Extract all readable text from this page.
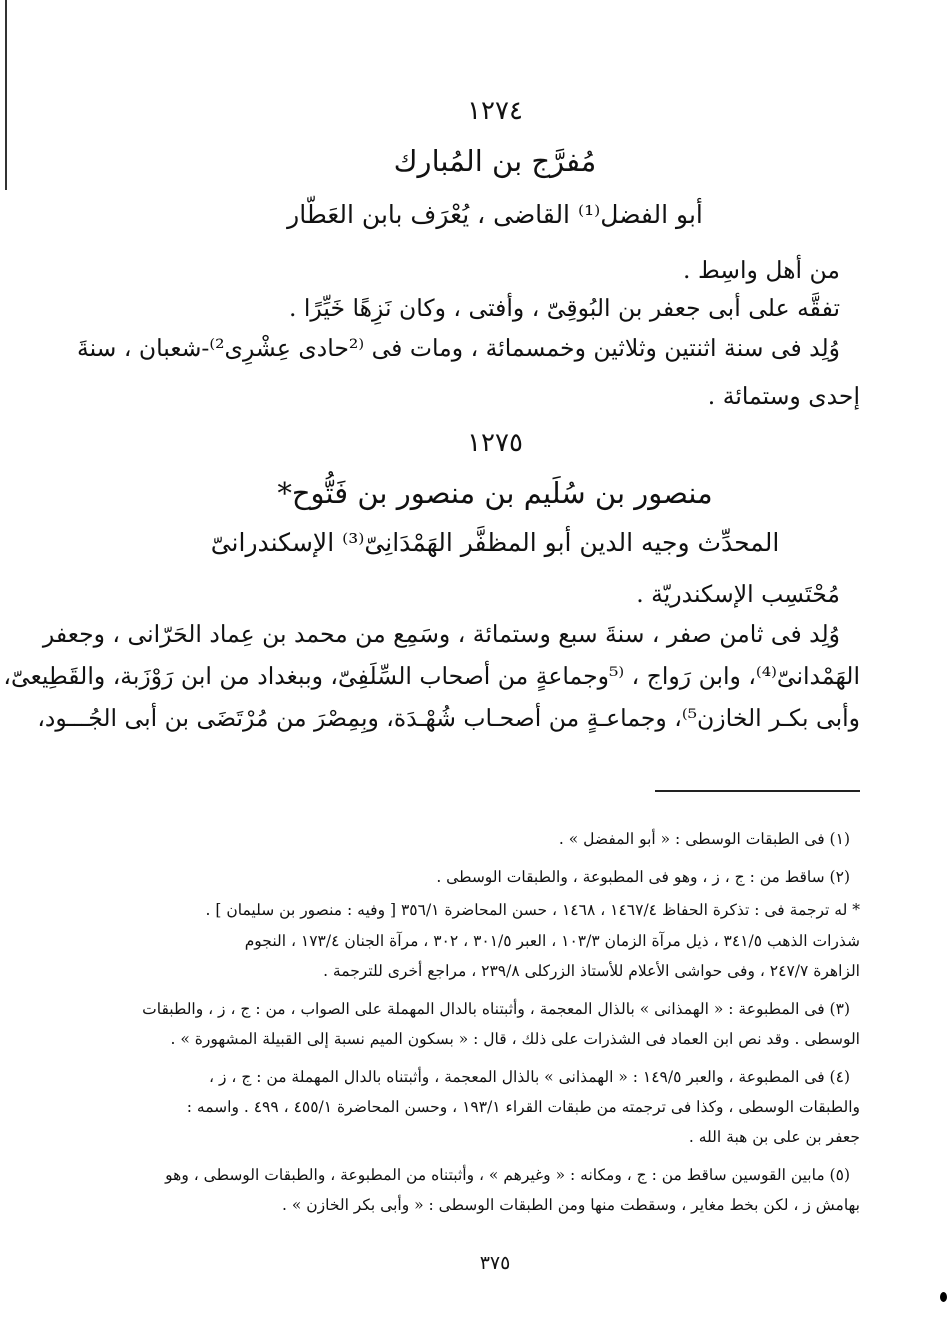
١٢٧٤
مُفرَّج بن المُبارك
أبو الفضل⁽¹⁾ القاضى ، يُعْرَف بابن العَطّار
من أهل واسِط .
تفقَّه على أبى جعفر بن البُوقِىّ ، وأفتى ، وكان نَزِهًا خَيِّرًا .
وُلِد فى سنة اثنتين وثلاثين وخمسمائة ، ومات فى ⁽²حادى عِشْرِى²⁾-شعبان ، سنةَ
إحدى وستمائة .
١٢٧٥
منصور بن سُلَيم بن منصور بن فَتُّوح*
المحدِّث وجيه الدين أبو المظفَّر الهَمْدَانِىّ⁽³⁾ الإسكندرانىّ
مُحْتَسِب الإسكندريّة .
وُلِد فى ثامن صفر ، سنةَ سبع وستمائة ، وسَمِع من محمد بن عِماد الحَرّانى ، وجعفر
الهَمْدانىّ⁽⁴⁾، وابن رَواج ، ⁽⁵وجماعةٍ من أصحاب السِّلَفِىّ، وببغداد من ابن رَوْزَبة، والقَطِيعىّ،
وأبى بكـر الخازن⁵⁾، وجماعـةٍ من أصحـاب شُهْـدَة، وبِمِصْرَ من مُرْتَضَى بن أبى الجُـــود،
(١) فى الطبقات الوسطى : « أبو المفضل » .
(٢) ساقط من : ج ، ز ، وهو فى المطبوعة ، والطبقات الوسطى .
* له ترجمة فى : تذكرة الحفاظ ١٤٦٧/٤ ، ١٤٦٨ ، حسن المحاضرة ٣٥٦/١ [ وفيه : منصور بن سليمان ] .
شذرات الذهب ٣٤١/٥ ، ذيل مرآة الزمان ١٠٣/٣ ، العبر ٣٠١/٥ ، ٣٠٢ ، مرآة الجنان ١٧٣/٤ ، النجوم
الزاهرة ٢٤٧/٧ ، وفى حواشى الأعلام للأستاذ الزركلى ٢٣٩/٨ ، مراجع أخرى للترجمة .
(٣) فى المطبوعة : « الهمذانى » بالذال المعجمة ، وأثبتناه بالدال المهملة على الصواب ، من : ج ، ز ، والطبقات
الوسطى . وقد نص ابن العماد فى الشذرات على ذلك ، قال : « بسكون الميم نسبة إلى القبيلة المشهورة » .
(٤) فى المطبوعة ، والعبر ١٤٩/٥ : « الهمذانى » بالذال المعجمة ، وأثبتناه بالدال المهملة من : ج ، ز ،
والطبقات الوسطى ، وكذا فى ترجمته من طبقات القراء ١٩٣/١ ، وحسن المحاضرة ٤٥٥/١ ، ٤٩٩ . واسمه :
جعفر بن على بن هبة الله .
(٥) مابين القوسين ساقط من : ج ، ومكانه : « وغيرهم » ، وأثبتناه من المطبوعة ، والطبقات الوسطى ، وهو
بهامش ز ، لكن بخط مغاير ، وسقطت منها ومن الطبقات الوسطى : « وأبى بكر الخازن » .
٣٧٥
